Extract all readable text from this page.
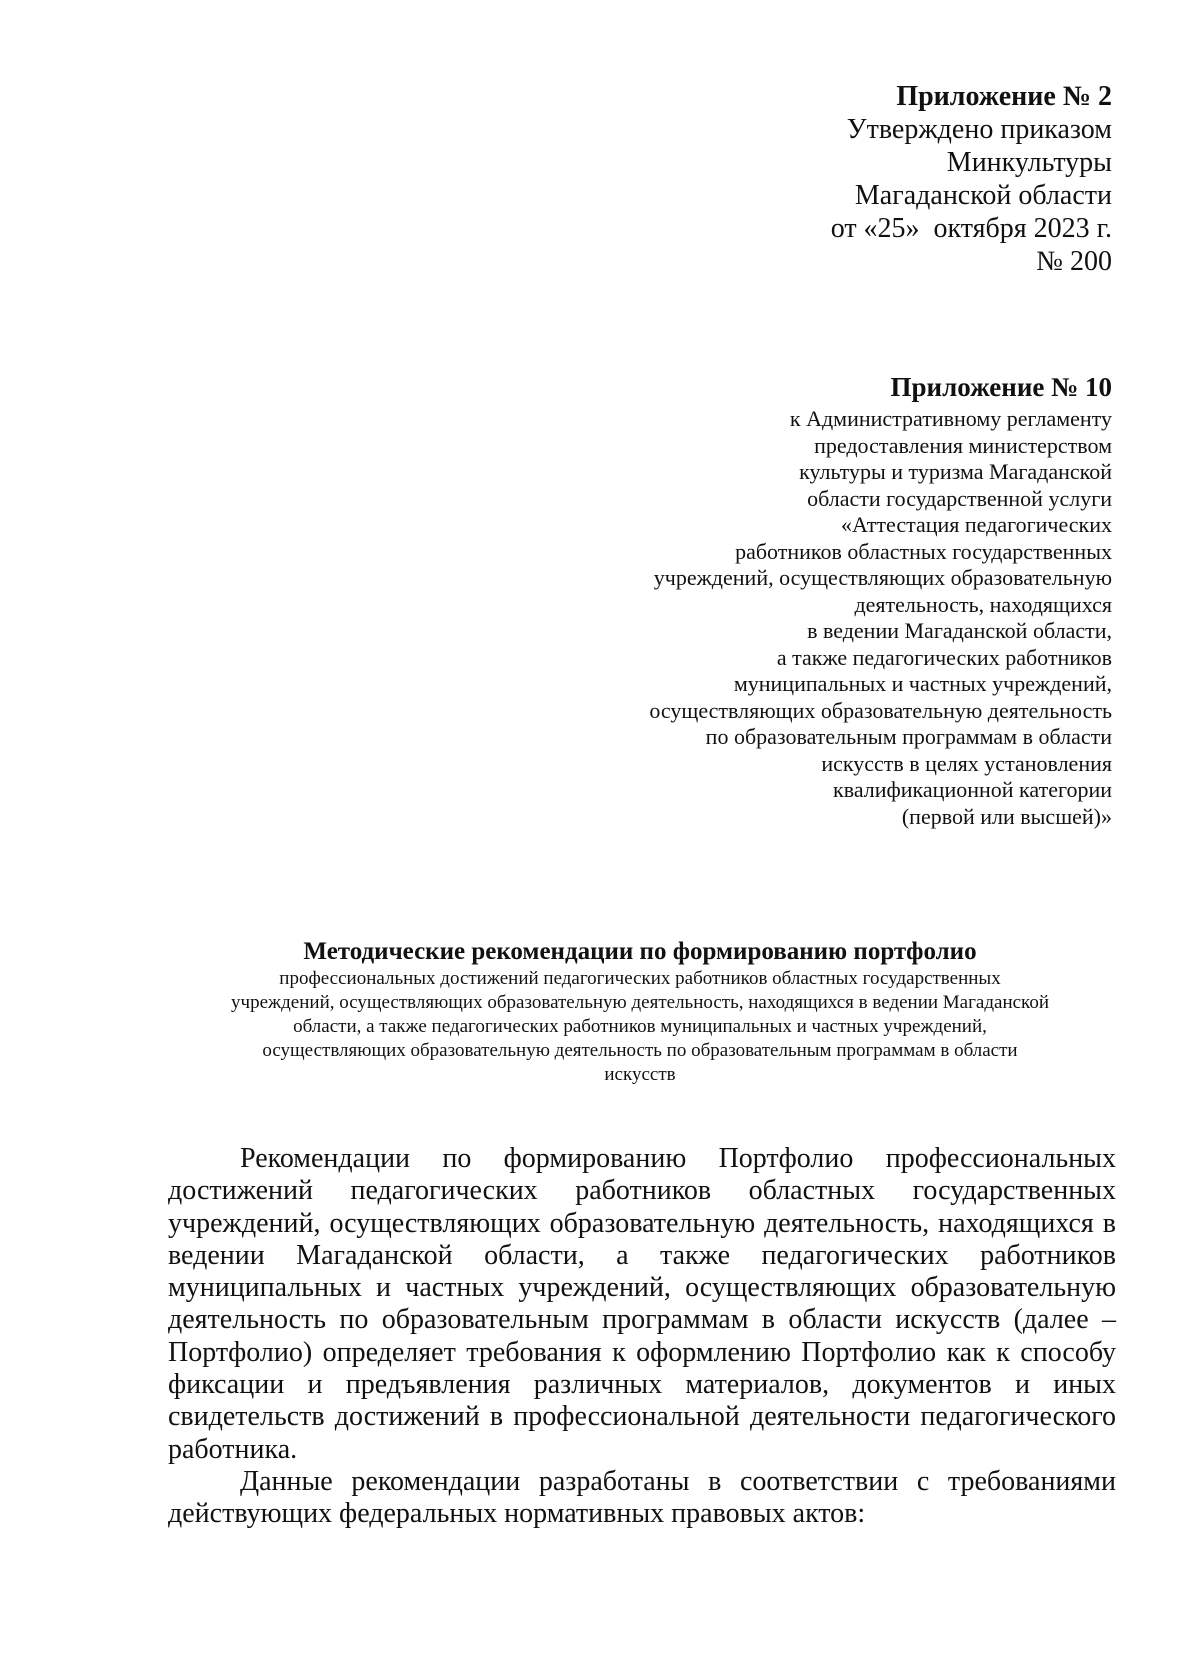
Приложение № 2
Утверждено приказом
Минкультуры
Магаданской области
от «25»  октября 2023 г.
№ 200
Приложение № 10
к Административному регламенту
предоставления министерством
культуры и туризма Магаданской
области государственной услуги
«Аттестация педагогических
работников областных государственных
учреждений, осуществляющих образовательную
деятельность, находящихся
в ведении Магаданской области,
а также педагогических работников
муниципальных и частных учреждений,
осуществляющих образовательную деятельность
по образовательным программам в области
искусств в целях установления
квалификационной категории
(первой или высшей)»
Методические рекомендации по формированию портфолио
профессиональных достижений педагогических работников областных государственных
учреждений, осуществляющих образовательную деятельность, находящихся в ведении Магаданской
области, а также педагогических работников муниципальных и частных учреждений,
осуществляющих образовательную деятельность по образовательным программам в области
искусств

Рекомендации по формированию Портфолио профессиональных достижений педагогических работников областных государственных учреждений, осуществляющих образовательную деятельность, находящихся в ведении Магаданской области, а также педагогических работников муниципальных и частных учреждений, осуществляющих образовательную деятельность по образовательным программам в области искусств (далее – Портфолио) определяет требования к оформлению Портфолио как к способу фиксации и предъявления различных материалов, документов и иных свидетельств достижений в профессиональной деятельности педагогического работника.

Данные рекомендации разработаны в соответствии с требованиями действующих федеральных нормативных правовых актов:
